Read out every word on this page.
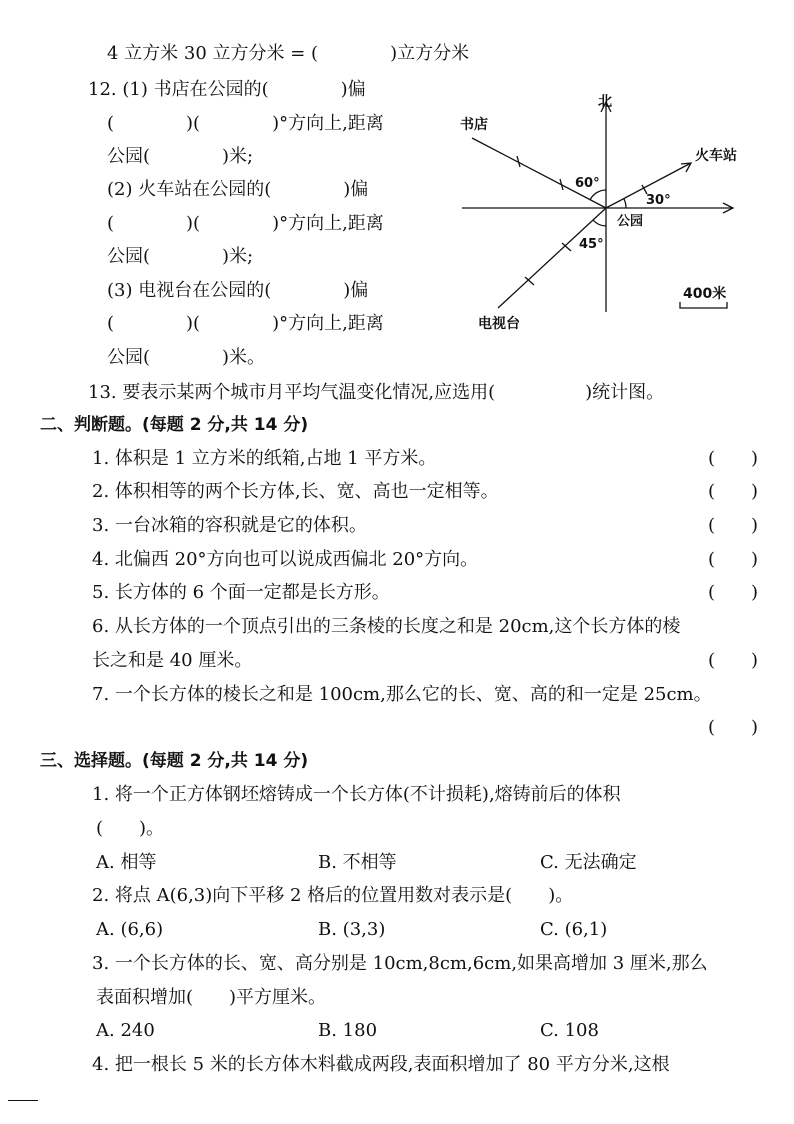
4 立方米 30 立方分米 = (　　　　)立方分米
12. (1) 书店在公园的(　　　　)偏
(　　　　)(　　　　)°方向上,距离
公园(　　　　)米;
(2) 火车站在公园的(　　　　)偏
(　　　　)(　　　　)°方向上,距离
公园(　　　　)米;
(3) 电视台在公园的(　　　　)偏
(　　　　)(　　　　)°方向上,距离
公园(　　　　)米。
北
书店
火车站
公园
电视台
60°
30°
45°
400米
13. 要表示某两个城市月平均气温变化情况,应选用(　　　　　)统计图。
二、判断题。(每题 2 分,共 14 分)
1. 体积是 1 立方米的纸箱,占地 1 平方米。	(　　)
2. 体积相等的两个长方体,长、宽、高也一定相等。	(　　)
3. 一台冰箱的容积就是它的体积。	(　　)
4. 北偏西 20°方向也可以说成西偏北 20°方向。	(　　)
5. 长方体的 6 个面一定都是长方形。	(　　)
6. 从长方体的一个顶点引出的三条棱的长度之和是 20cm,这个长方体的棱
长之和是 40 厘米。	(　　)
7. 一个长方体的棱长之和是 100cm,那么它的长、宽、高的和一定是 25cm。
(　　)
三、选择题。(每题 2 分,共 14 分)
1. 将一个正方体钢坯熔铸成一个长方体(不计损耗),熔铸前后的体积
(　　)。
A. 相等	B. 不相等	C. 无法确定
2. 将点 A(6,3)向下平移 2 格后的位置用数对表示是(　　)。
A. (6,6)	B. (3,3)	C. (6,1)
3. 一个长方体的长、宽、高分别是 10cm,8cm,6cm,如果高增加 3 厘米,那么
表面积增加(　　)平方厘米。
A. 240	B. 180	C. 108
4. 把一根长 5 米的长方体木料截成两段,表面积增加了 80 平方分米,这根
